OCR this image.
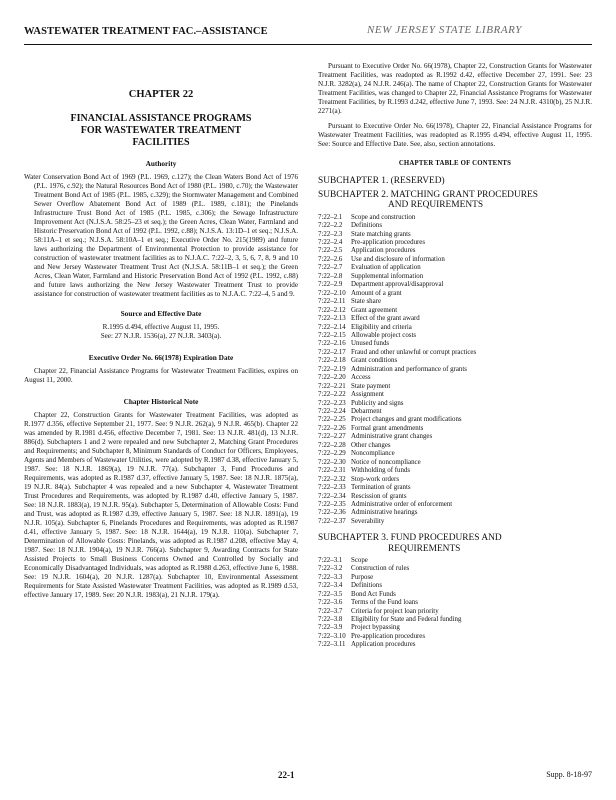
WASTEWATER TREATMENT FAC.–ASSISTANCE	NEW JERSEY STATE LIBRARY
CHAPTER 22
FINANCIAL ASSISTANCE PROGRAMS
FOR WASTEWATER TREATMENT
FACILITIES
Authority

Water Conservation Bond Act of 1969 (P.L. 1969, c.127); the Clean Waters Bond Act of 1976 (P.L. 1976, c.92); the Natural Resources Bond Act of 1980 (P.L. 1980, c.70); the Wastewater Treatment Bond Act of 1985 (P.L. 1985, c.329); the Stormwater Management and Combined Sewer Overflow Abatement Bond Act of 1989 (P.L. 1989, c.181); the Pinelands Infrastructure Trust Bond Act of 1985 (P.L. 1985, c.306); the Sewage Infrastructure Improvement Act (N.J.S.A. 58:25–23 et seq.); the Green Acres, Clean Water, Farmland and Historic Preservation Bond Act of 1992 (P.L. 1992, c.88); N.J.S.A. 13:1D–1 et seq.; N.J.S.A. 58:11A–1 et seq.; N.J.S.A. 58:10A–1 et seq.; Executive Order No. 215(1989) and future laws authorizing the Department of Environmental Protection to provide assistance for construction of wastewater treatment facilities as to N.J.A.C. 7:22–2, 3, 5, 6, 7, 8, 9 and 10 and New Jersey Wastewater Treatment Trust Act (N.J.S.A. 58:11B–1 et seq.); the Green Acres, Clean Water, Farmland and Historic Preservation Bond Act of 1992 (P.L. 1992, c.88) and future laws authorizing the New Jersey Wastewater Treatment Trust to provide assistance for construction of wastewater treatment facilities as to N.J.A.C. 7:22–4, 5 and 9.

Source and Effective Date
R.1995 d.494, effective August 11, 1995.
See: 27 N.J.R. 1536(a), 27 N.J.R. 3403(a).
Executive Order No. 66(1978) Expiration Date

Chapter 22, Financial Assistance Programs for Wastewater Treatment Facilities, expires on August 11, 2000.

Chapter Historical Note

Chapter 22, Construction Grants for Wastewater Treatment Facilities, was adopted as R.1977 d.356, effective September 21, 1977. See: 9 N.J.R. 262(a), 9 N.J.R. 465(b). Chapter 22 was amended by R.1981 d.456, effective December 7, 1981. See: 13 N.J.R. 481(d), 13 N.J.R. 886(d). Subchapters 1 and 2 were repealed and new Subchapter 2, Matching Grant Procedures and Requirements; and Subchapter 8, Minimum Standards of Conduct for Officers, Employees, Agents and Members of Wastewater Utilities, were adopted by R.1987 d.38, effective January 5, 1987. See: 18 N.J.R. 1869(a), 19 N.J.R. 77(a). Subchapter 3, Fund Procedures and Requirements, was adopted as R.1987 d.37, effective January 5, 1987. See: 18 N.J.R. 1875(a), 19 N.J.R. 84(a). Subchapter 4 was repealed and a new Subchapter 4, Wastewater Treatment Trust Procedures and Requirements, was adopted by R.1987 d.40, effective January 5, 1987. See: 18 N.J.R. 1883(a), 19 N.J.R. 95(a). Subchapter 5, Determination of Allowable Costs: Fund and Trust, was adopted as R.1987 d.39, effective January 5, 1987. See: 18 N.J.R. 1891(a), 19 N.J.R. 105(a). Subchapter 6, Pinelands Procedures and Requirements, was adopted as R.1987 d.41, effective January 5, 1987. See: 18 N.J.R. 1644(a), 19 N.J.R. 110(a). Subchapter 7, Determination of Allowable Costs: Pinelands, was adopted as R.1987 d.208, effective May 4, 1987. See: 18 N.J.R. 1904(a), 19 N.J.R. 766(a). Subchapter 9, Awarding Contracts for State Assisted Projects to Small Business Concerns Owned and Controlled by Socially and Economically Disadvantaged Individuals, was adopted as R.1988 d.263, effective June 6, 1988. See: 19 N.J.R. 1604(a), 20 N.J.R. 1287(a). Subchapter 10, Environmental Assessment Requirements for State Assisted Wastewater Treatment Facilities, was adopted as R.1989 d.53, effective January 17, 1989. See: 20 N.J.R. 1983(a), 21 N.J.R. 179(a).

Pursuant to Executive Order No. 66(1978), Chapter 22, Construction Grants for Wastewater Treatment Facilities, was readopted as R.1992 d.42, effective December 27, 1991. See: 23 N.J.R. 3282(a), 24 N.J.R. 246(a). The name of Chapter 22, Construction Grants for Wastewater Treatment Facilities, was changed to Chapter 22, Financial Assistance Programs for Wastewater Treatment Facilities, by R.1993 d.242, effective June 7, 1993. See: 24 N.J.R. 4310(b), 25 N.J.R. 2271(a).

Pursuant to Executive Order No. 66(1978), Chapter 22, Financial Assistance Programs for Wastewater Treatment Facilities, was readopted as R.1995 d.494, effective August 11, 1995. See: Source and Effective Date. See, also, section annotations.

CHAPTER TABLE OF CONTENTS
SUBCHAPTER 1. (RESERVED)
SUBCHAPTER 2. MATCHING GRANT PROCEDURES
AND REQUIREMENTS
7:22–2.1	Scope and construction
7:22–2.2	Definitions
7:22–2.3	State matching grants
7:22–2.4	Pre-application procedures
7:22–2.5	Application procedures
7:22–2.6	Use and disclosure of information
7:22–2.7	Evaluation of application
7:22–2.8	Supplemental information
7:22–2.9	Department approval/disapproval
7:22–2.10 Amount of a grant
7:22–2.11 State share
7:22–2.12 Grant agreement
7:22–2.13 Effect of the grant award
7:22–2.14 Eligibility and criteria
7:22–2.15 Allowable project costs
7:22–2.16 Unused funds
7:22–2.17 Fraud and other unlawful or corrupt practices
7:22–2.18 Grant conditions
7:22–2.19 Administration and performance of grants
7:22–2.20 Access
7:22–2.21 State payment
7:22–2.22 Assignment
7:22–2.23 Publicity and signs
7:22–2.24 Debarment
7:22–2.25 Project changes and grant modifications
7:22–2.26 Formal grant amendments
7:22–2.27 Administrative grant changes
7:22–2.28 Other changes
7:22–2.29 Noncompliance
7:22–2.30 Notice of noncompliance
7:22–2.31 Withholding of funds
7:22–2.32 Stop-work orders
7:22–2.33 Termination of grants
7:22–2.34 Rescission of grants
7:22–2.35 Administrative order of enforcement
7:22–2.36 Administrative hearings
7:22–2.37 Severability
SUBCHAPTER 3. FUND PROCEDURES AND
REQUIREMENTS
7:22–3.1	Scope
7:22–3.2	Construction of rules
7:22–3.3	Purpose
7:22–3.4	Definitions
7:22–3.5	Bond Act Funds
7:22–3.6	Terms of the Fund loans
7:22–3.7	Criteria for project loan priority
7:22–3.8	Eligibility for State and Federal funding
7:22–3.9	Project bypassing
7:22–3.10 Pre-application procedures
7:22–3.11 Application procedures
22-1	Supp. 8-18-97
